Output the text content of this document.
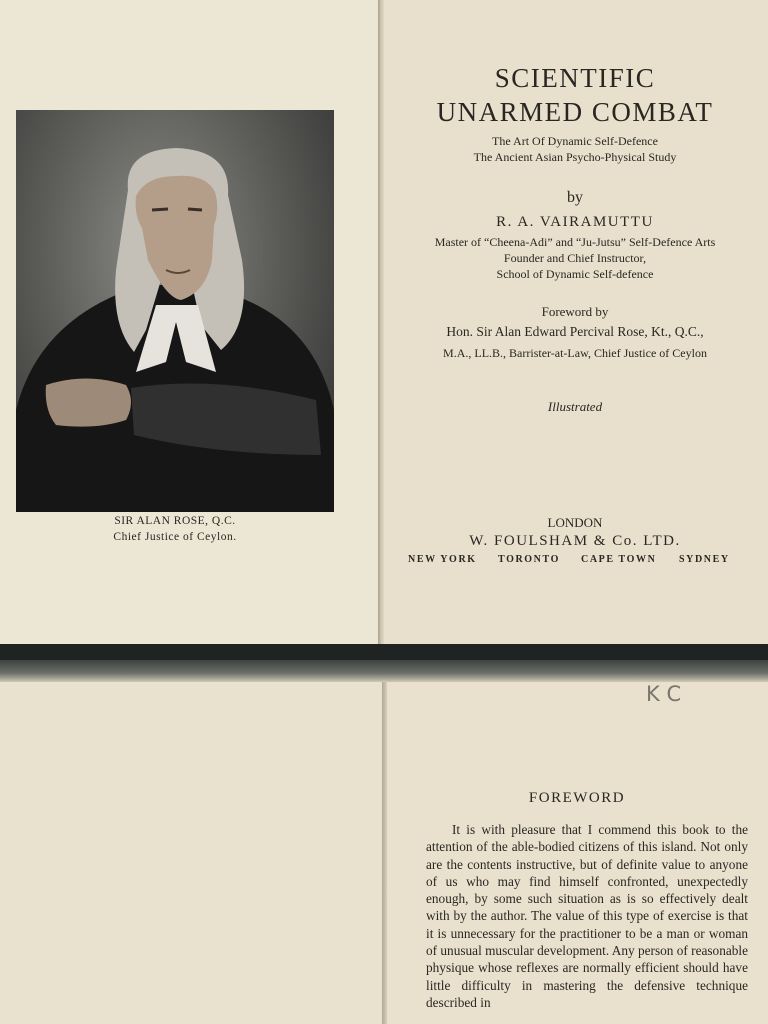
SIR ALAN ROSE, Q.C.
Chief Justice of Ceylon.
SCIENTIFIC
UNARMED COMBAT
The Art Of Dynamic Self-Defence
The Ancient Asian Psycho-Physical Study
by
R. A. VAIRAMUTTU
Master of “Cheena-Adi” and “Ju-Jutsu” Self-Defence Arts
Founder and Chief Instructor,
School of Dynamic Self-defence
Foreword by
Hon. Sir Alan Edward Percival Rose, Kt., Q.C.,
M.A., LL.B., Barrister-at-Law, Chief Justice of Ceylon
Illustrated
LONDON
W. FOULSHAM & Co. LTD.
NEW YORK TORONTO CAPE TOWN SYDNEY
K C
FOREWORD

It is with pleasure that I commend this book to the attention of the able-bodied citizens of this island. Not only are the contents instructive, but of definite value to anyone of us who may find himself confronted, unexpectedly enough, by some such situation as is so effectively dealt with by the author. The value of this type of exercise is that it is unnecessary for the practitioner to be a man or woman of unusual muscular development. Any person of reasonable physique whose reflexes are normally efficient should have little difficulty in mastering the defensive technique described in
